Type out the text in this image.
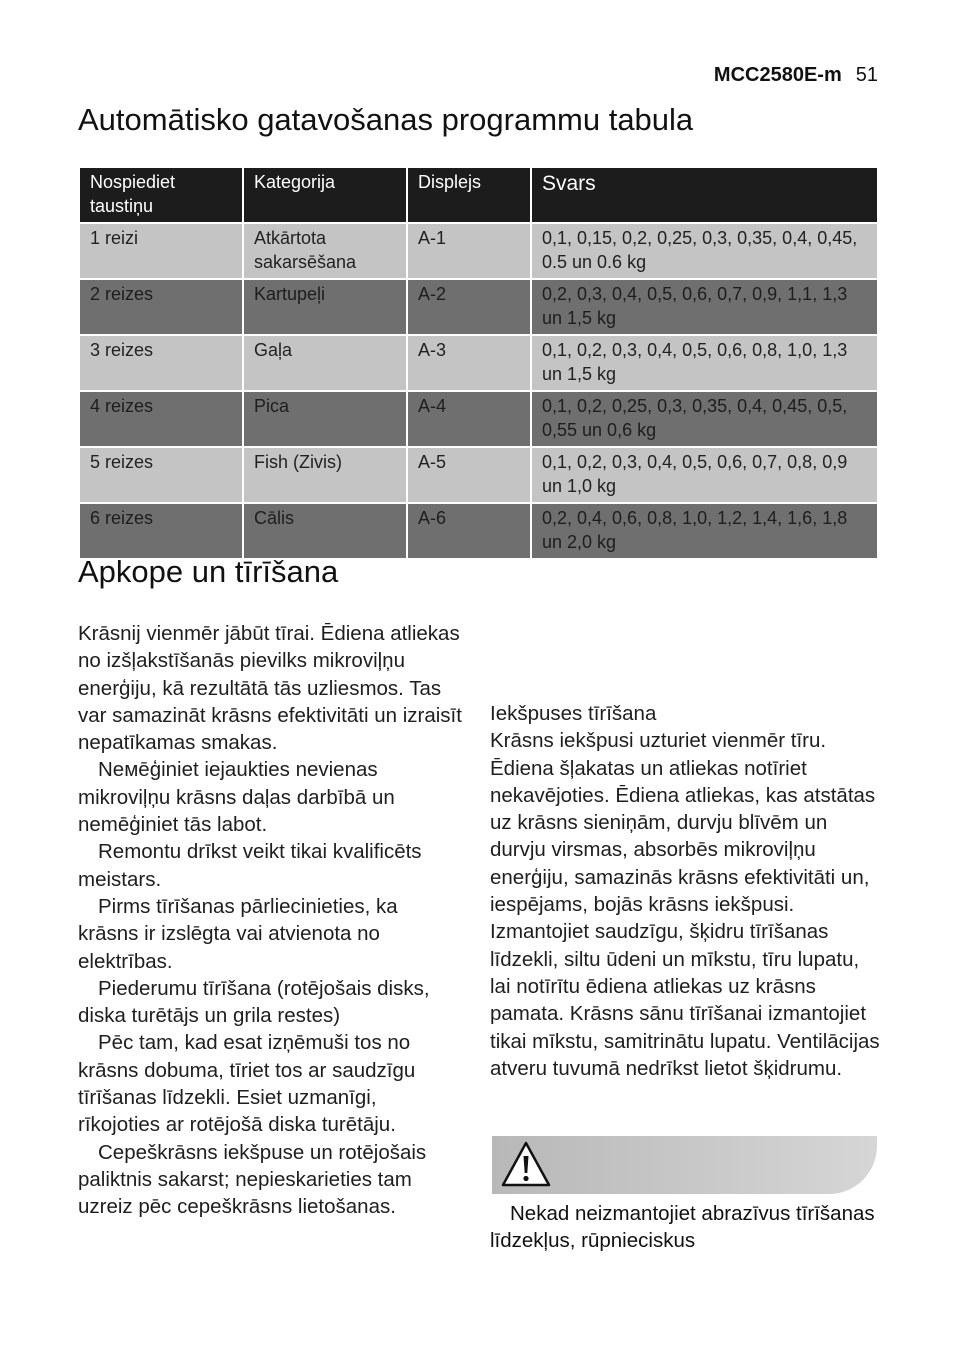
MCC2580E-m 51
Automātisko gatavošanas programmu tabula
Nospiediet taustiņu	Kategorija	Displejs	Svars
1 reizi	Atkārtota sakarsēšana	A-1	0,1, 0,15, 0,2, 0,25, 0,3, 0,35, 0,4, 0,45, 0.5 un 0.6 kg
2 reizes	Kartupeļi	A-2	0,2, 0,3, 0,4, 0,5, 0,6, 0,7, 0,9, 1,1, 1,3 un 1,5 kg
3 reizes	Gaļa	A-3	0,1, 0,2, 0,3, 0,4, 0,5, 0,6, 0,8, 1,0, 1,3 un 1,5 kg
4 reizes	Pica	A-4	0,1, 0,2, 0,25, 0,3, 0,35, 0,4, 0,45, 0,5, 0,55 un 0,6 kg
5 reizes	Fish (Zivis)	A-5	0,1, 0,2, 0,3, 0,4, 0,5, 0,6, 0,7, 0,8, 0,9 un 1,0 kg
6 reizes	Cālis	A-6	0,2, 0,4, 0,6, 0,8, 1,0, 1,2, 1,4, 1,6, 1,8 un 2,0 kg
Apkope un tīrīšana

Krāsnij vienmēr jābūt tīrai. Ēdiena atliekas no izšļakstīšanās pievilks mikroviļņu enerģiju, kā rezultātā tās uzliesmos. Tas var samazināt krāsns efektivitāti un izraisīt nepatīkamas smakas.

Neмēģiniet iejaukties nevienas mikroviļņu krāsns daļas darbībā un nemēģiniet tās labot.

Remontu drīkst veikt tikai kvalificēts meistars.

Pirms tīrīšanas pārliecinieties, ka krāsns ir izslēgta vai atvienota no elektrības.

Piederumu tīrīšana (rotējošais disks, diska turētājs un grila restes)

Pēc tam, kad esat izņēmuši tos no krāsns dobuma, tīriet tos ar saudzīgu tīrīšanas līdzekli. Esiet uzmanīgi, rīkojoties ar rotējošā diska turētāju.

Cepeškrāsns iekšpuse un rotējošais paliktnis sakarst; nepieskarieties tam uzreiz pēc cepeškrāsns lietošanas.

Iekšpuses tīrīšana

Krāsns iekšpusi uzturiet vienmēr tīru. Ēdiena šļakatas un atliekas notīriet nekavējoties. Ēdiena atliekas, kas atstātas uz krāsns sieniņām, durvju blīvēm un durvju virsmas, absorbēs mikroviļņu enerģiju, samazinās krāsns efektivitāti un, iespējams, bojās krāsns iekšpusi. Izmantojiet saudzīgu, šķidru tīrīšanas līdzekli, siltu ūdeni un mīkstu, tīru lupatu, lai notīrītu ēdiena atliekas uz krāsns pamata. Krāsns sānu tīrīšanai izmantojiet tikai mīkstu, samitrinātu lupatu. Ventilācijas atveru tuvumā nedrīkst lietot šķidrumu.

Nekad neizmantojiet abrazīvus tīrīšanas līdzekļus, rūpnieciskus
